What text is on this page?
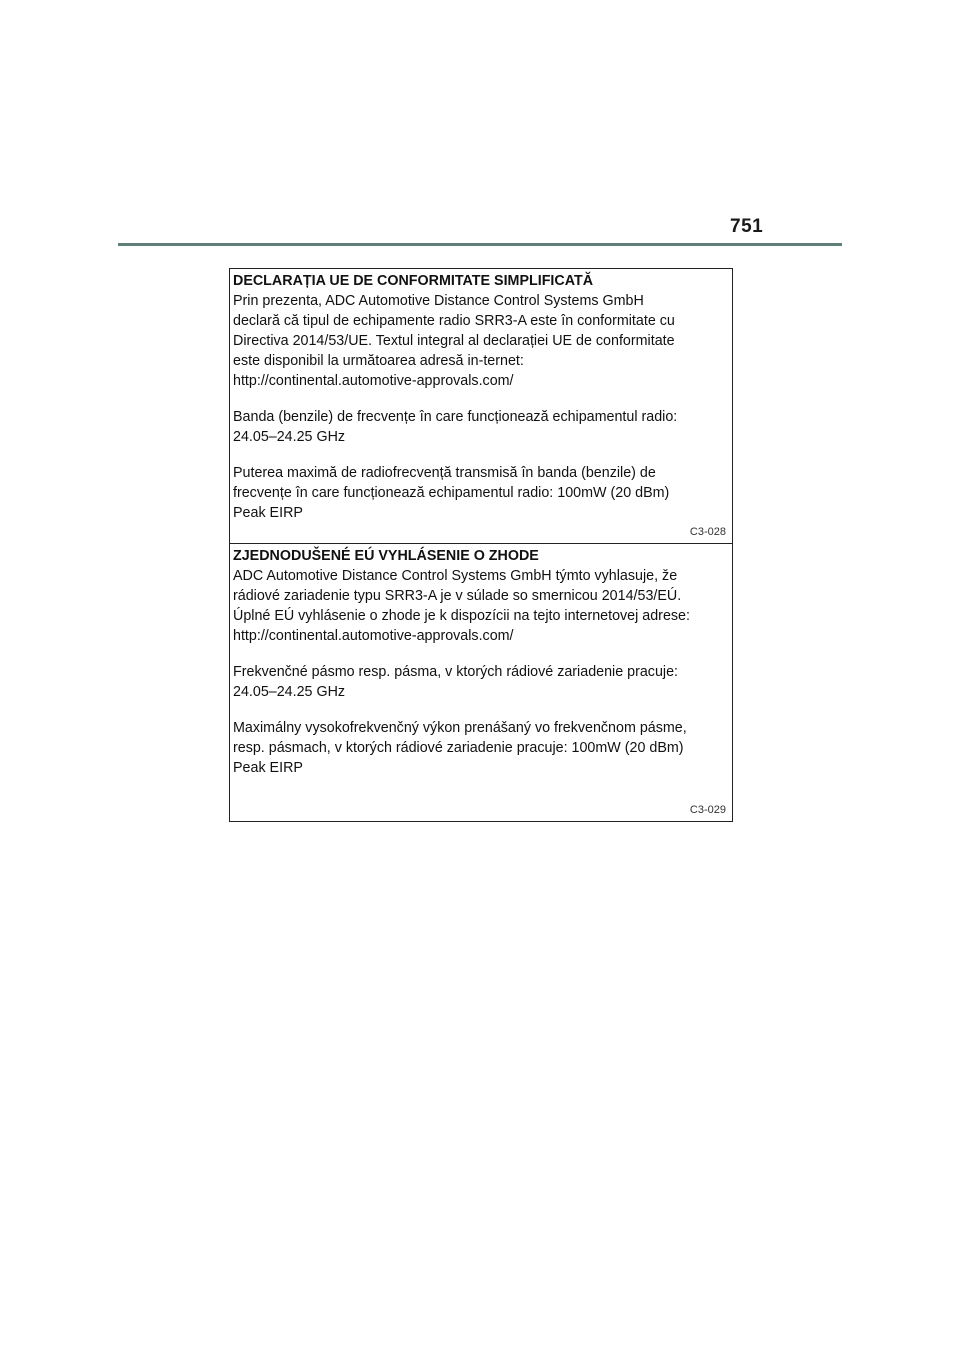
751

DECLARAȚIA UE DE CONFORMITATE SIMPLIFICATĂ

Prin prezenta, ADC Automotive Distance Control Systems GmbH

declară că tipul de echipamente radio SRR3-A este în conformitate cu

Directiva 2014/53/UE. Textul integral al declarației UE de conformitate

este disponibil la următoarea adresă in-ternet:

http://continental.automotive-approvals.com/

Banda (benzile) de frecvențe în care funcționează echipamentul radio:

24.05–24.25 GHz

Puterea maximă de radiofrecvență transmisă în banda (benzile) de

frecvențe în care funcționează echipamentul radio: 100mW (20 dBm)

Peak EIRP

C3-028

ZJEDNODUŠENÉ EÚ VYHLÁSENIE O ZHODE

ADC Automotive Distance Control Systems GmbH týmto vyhlasuje, že

rádiové zariadenie typu SRR3-A je v súlade so smernicou 2014/53/EÚ.

Úplné EÚ vyhlásenie o zhode je k dispozícii na tejto internetovej adrese:

http://continental.automotive-approvals.com/

Frekvenčné pásmo resp. pásma, v ktorých rádiové zariadenie pracuje:

24.05–24.25 GHz

Maximálny vysokofrekvenčný výkon prenášaný vo frekvenčnom pásme,

resp. pásmach, v ktorých rádiové zariadenie pracuje: 100mW (20 dBm)

Peak EIRP

C3-029
